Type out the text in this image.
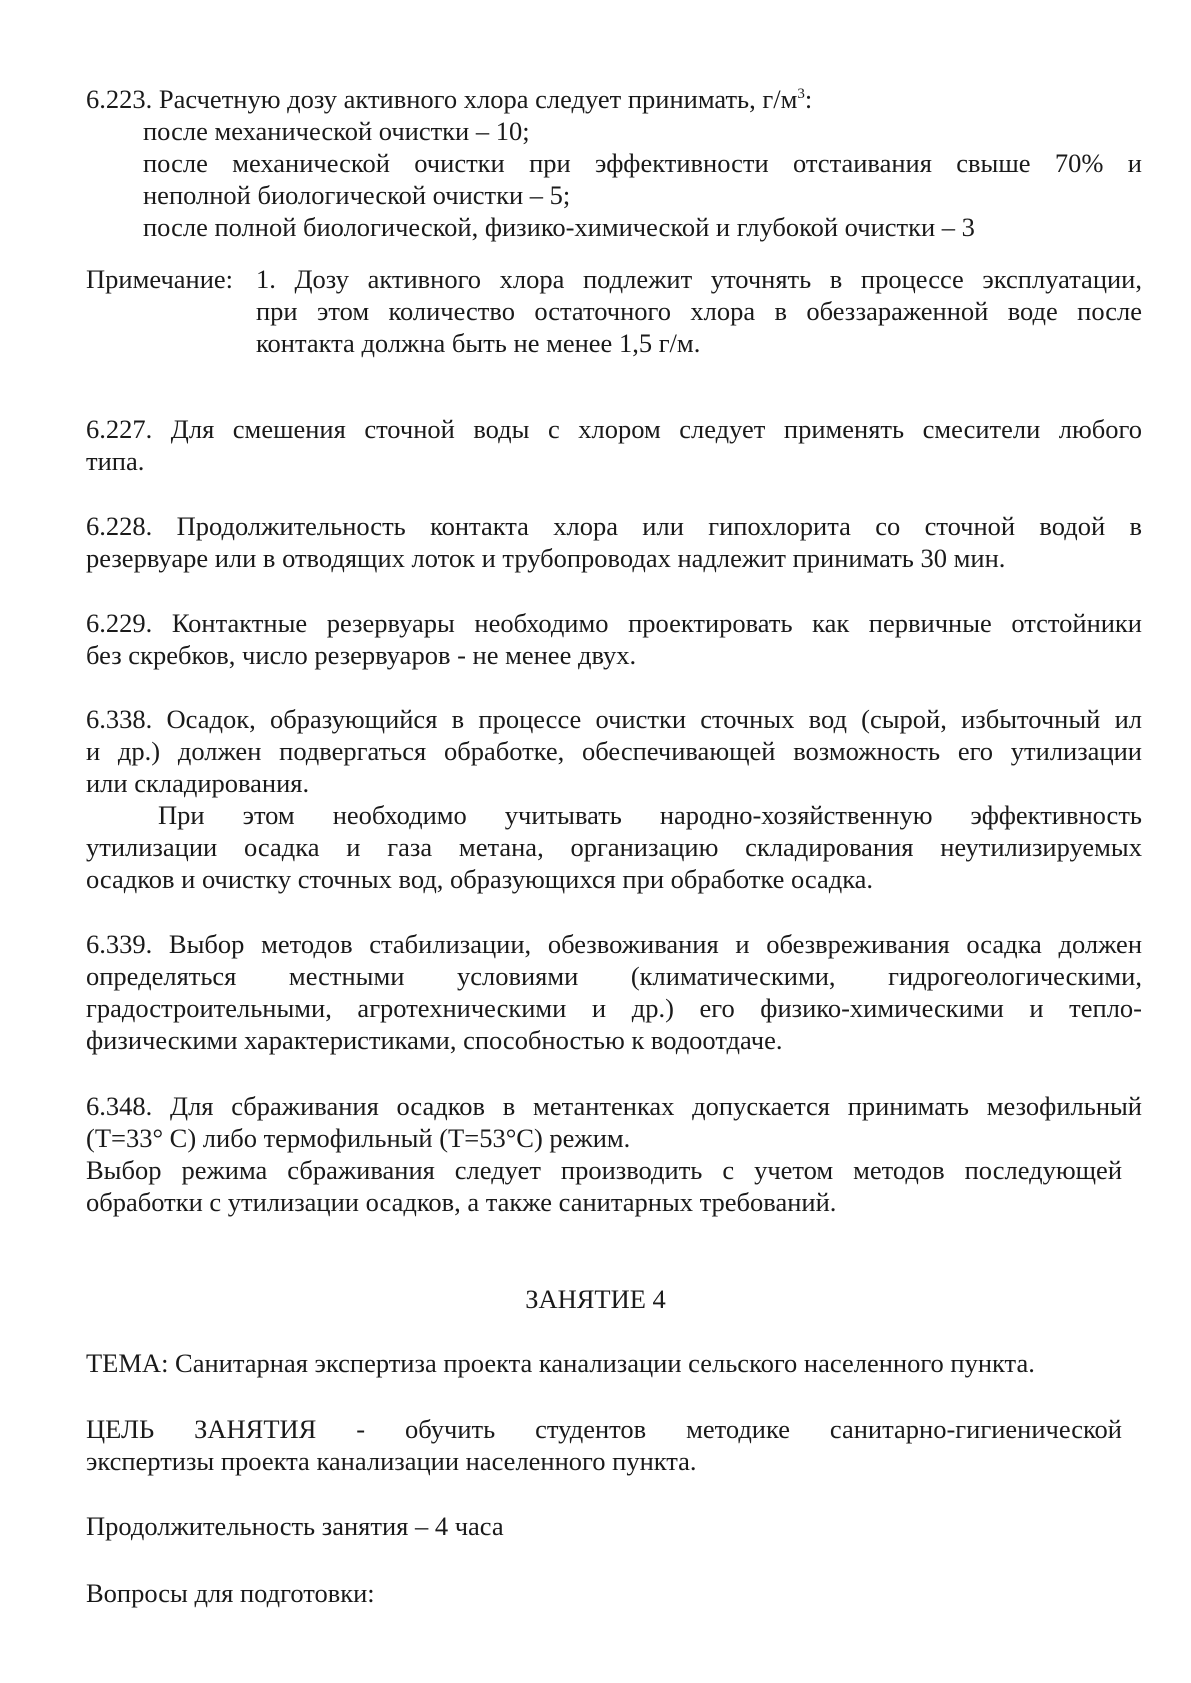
6.223. Расчетную дозу активного хлора следует принимать, $г/м^3$:
после механической очистки – 10;
после механической очистки при эффективности отстаивания свыше 70% и
неполной биологической очистки – 5;
после полной биологической, физико-химической и глубокой очистки – 3
Примечание: 1. Дозу активного хлора подлежит уточнять в процессе эксплуатации,
при этом количество остаточного хлора в обеззараженной воде после
контакта должна быть не менее 1,5 г/м.
6.227. Для смешения сточной воды с хлором следует применять смесители любого
типа.
6.228. Продолжительность контакта хлора или гипохлорита со сточной водой в
резервуаре или в отводящих лоток и трубопроводах надлежит принимать 30 мин.
6.229. Контактные резервуары необходимо проектировать как первичные отстойники
без скребков, число резервуаров - не менее двух.
6.338. Осадок, образующийся в процессе очистки сточных вод (сырой, избыточный ил
и др.) должен подвергаться обработке, обеспечивающей возможность его утилизации
или складирования.
При этом необходимо учитывать народно-хозяйственную эффективность
утилизации осадка и газа метана, организацию складирования неутилизируемых
осадков и очистку сточных вод, образующихся при обработке осадка.
6.339. Выбор методов стабилизации, обезвоживания и обезвреживания осадка должен
определяться местными условиями (климатическими, гидрогеологическими,
градостроительными, агротехническими и др.) его физико-химическими и тепло-
физическими характеристиками, способностью к водоотдаче.
6.348. Для сбраживания осадков в метантенках допускается принимать мезофильный
(Т=33° С) либо термофильный (Т=53°С) режим.
Выбор режима сбраживания следует производить с учетом методов последующей
обработки с утилизации осадков, а также санитарных требований.
ЗАНЯТИЕ 4
ТЕМА: Санитарная экспертиза проекта канализации сельского населенного пункта.
ЦЕЛЬ ЗАНЯТИЯ - обучить студентов методике санитарно-гигиенической
экспертизы проекта канализации населенного пункта.
Продолжительность занятия – 4 часа
Вопросы для подготовки:
